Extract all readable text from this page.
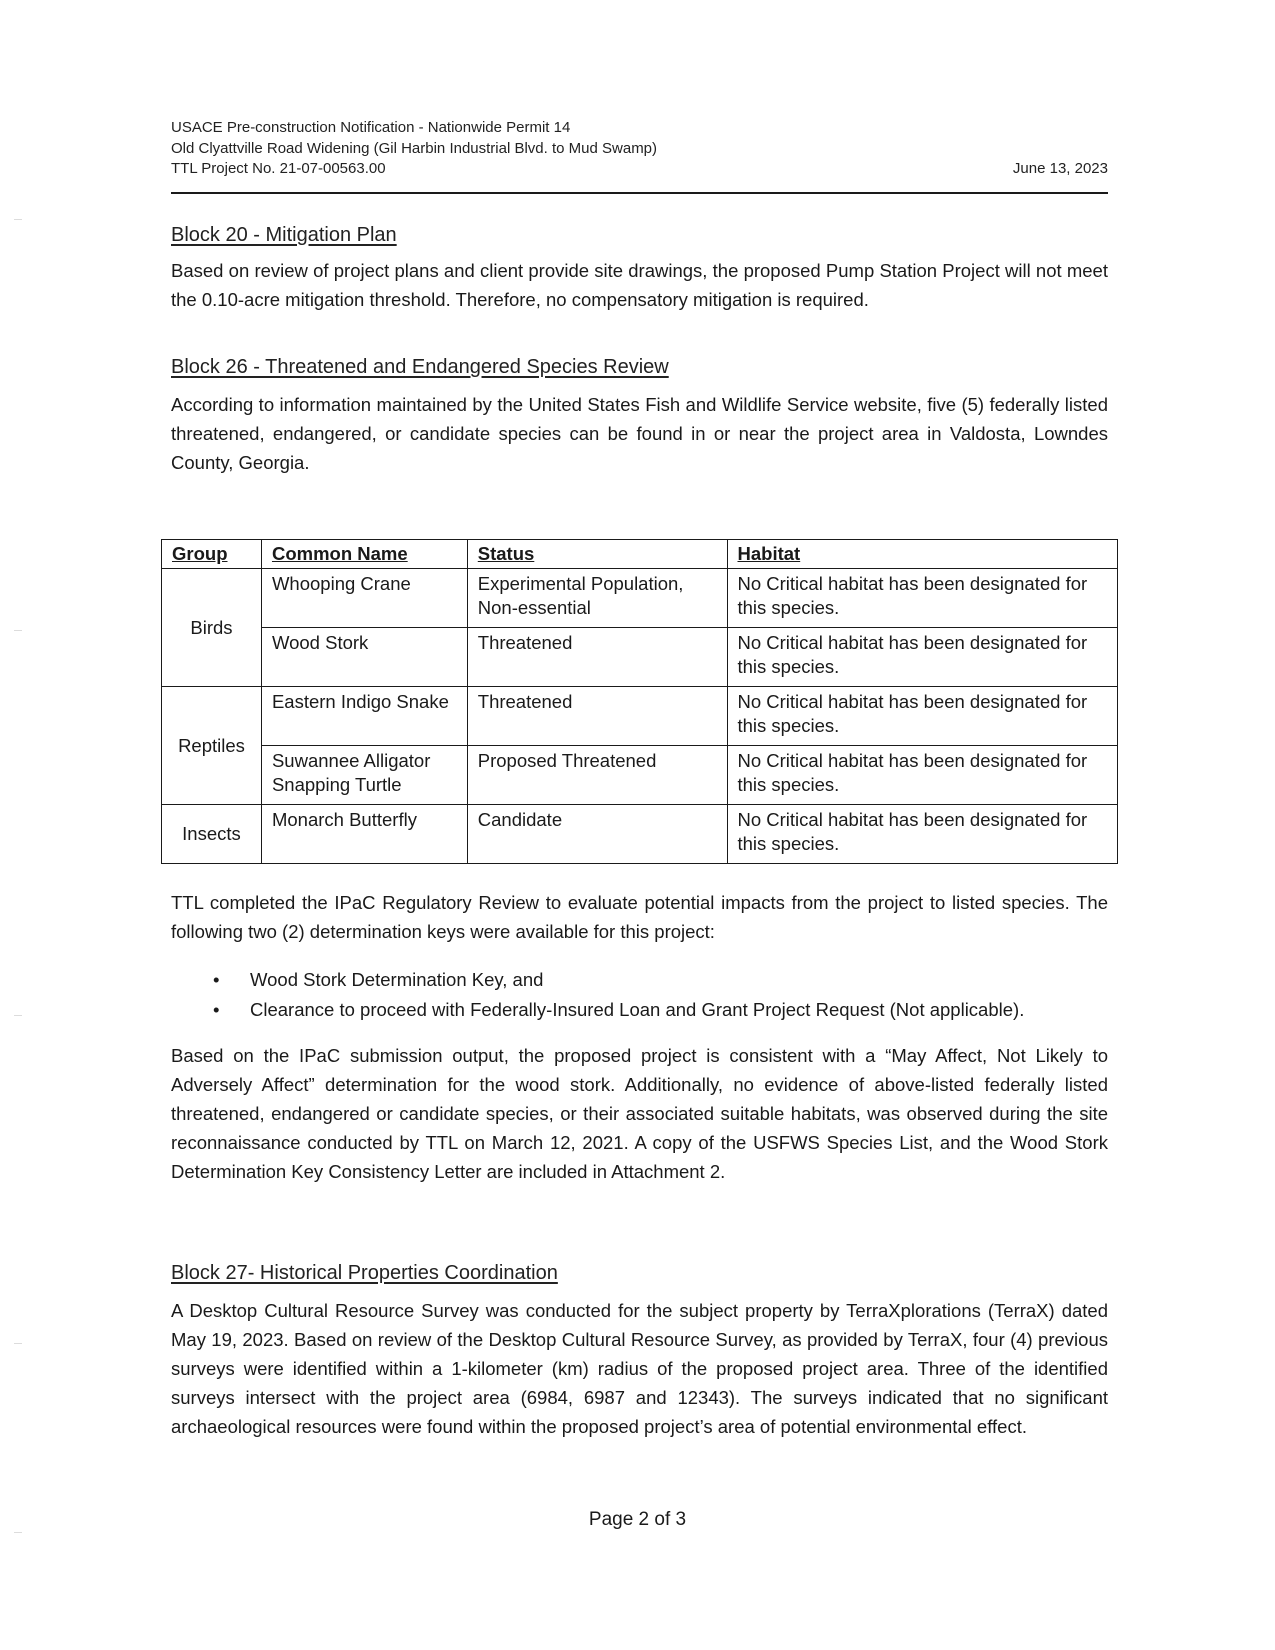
USACE Pre-construction Notification - Nationwide Permit 14
Old Clyattville Road Widening (Gil Harbin Industrial Blvd. to Mud Swamp)
TTL Project No. 21-07-00563.00	June 13, 2023
Block 20 - Mitigation Plan

Based on review of project plans and client provide site drawings, the proposed Pump Station Project will not meet the 0.10-acre mitigation threshold. Therefore, no compensatory mitigation is required.

Block 26 - Threatened and Endangered Species Review

According to information maintained by the United States Fish and Wildlife Service website, five (5) federally listed threatened, endangered, or candidate species can be found in or near the project area in Valdosta, Lowndes County, Georgia.

Group	Common Name	Status	Habitat
Birds	Whooping Crane	Experimental Population, Non-essential	No Critical habitat has been designated for this species.
	Wood Stork	Threatened	No Critical habitat has been designated for this species.
Reptiles	Eastern Indigo Snake	Threatened	No Critical habitat has been designated for this species.
	Suwannee Alligator Snapping Turtle	Proposed Threatened	No Critical habitat has been designated for this species.
Insects	Monarch Butterfly	Candidate	No Critical habitat has been designated for this species.

TTL completed the IPaC Regulatory Review to evaluate potential impacts from the project to listed species. The following two (2) determination keys were available for this project:

• Wood Stork Determination Key, and
• Clearance to proceed with Federally-Insured Loan and Grant Project Request (Not applicable).

Based on the IPaC submission output, the proposed project is consistent with a “May Affect, Not Likely to Adversely Affect” determination for the wood stork. Additionally, no evidence of above-listed federally listed threatened, endangered or candidate species, or their associated suitable habitats, was observed during the site reconnaissance conducted by TTL on March 12, 2021. A copy of the USFWS Species List, and the Wood Stork Determination Key Consistency Letter are included in Attachment 2.

Block 27- Historical Properties Coordination

A Desktop Cultural Resource Survey was conducted for the subject property by TerraXplorations (TerraX) dated May 19, 2023. Based on review of the Desktop Cultural Resource Survey, as provided by TerraX, four (4) previous surveys were identified within a 1-kilometer (km) radius of the proposed project area. Three of the identified surveys intersect with the project area (6984, 6987 and 12343). The surveys indicated that no significant archaeological resources were found within the proposed project’s area of potential environmental effect.

Page 2 of 3
